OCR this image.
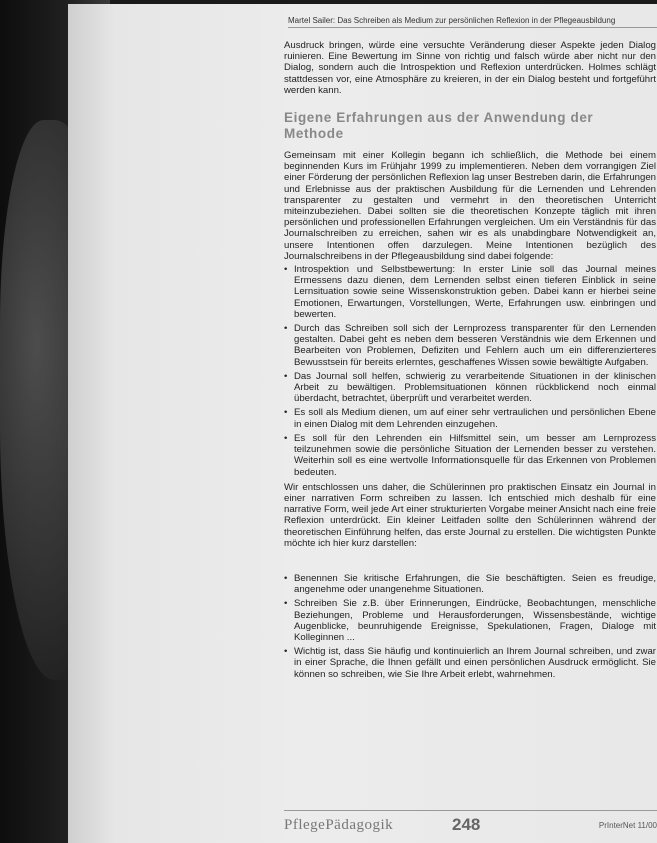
Martel Sailer: Das Schreiben als Medium zur persönlichen Reflexion in der Pflegeausbildung

Ausdruck bringen, würde eine versuchte Veränderung dieser Aspekte jeden Dialog ruinieren. Eine Bewertung im Sinne von richtig und falsch würde aber nicht nur den Dialog, sondern auch die Introspektion und Reflexion unterdrücken. Holmes schlägt stattdessen vor, eine Atmosphäre zu kreieren, in der ein Dialog besteht und fortgeführt werden kann.

Eigene Erfahrungen aus der Anwendung der Methode

Gemeinsam mit einer Kollegin begann ich schließlich, die Methode bei einem beginnenden Kurs im Frühjahr 1999 zu implementieren. Neben dem vorrangigen Ziel einer Förderung der persönlichen Reflexion lag unser Bestreben darin, die Erfahrungen und Erlebnisse aus der praktischen Ausbildung für die Lernenden und Lehrenden transparenter zu gestalten und vermehrt in den theoretischen Unterricht miteinzubeziehen. Dabei sollten sie die theoretischen Konzepte täglich mit ihren persönlichen und professionellen Erfahrungen vergleichen. Um ein Verständnis für das Journalschreiben zu erreichen, sahen wir es als unabdingbare Notwendigkeit an, unsere Intentionen offen darzulegen. Meine Intentionen bezüglich des Journalschreibens in der Pflegeausbildung sind dabei folgende:

• Introspektion und Selbstbewertung: In erster Linie soll das Journal meines Ermessens dazu dienen, dem Lernenden selbst einen tieferen Einblick in seine Lernsituation sowie seine Wissenskonstruktion geben. Dabei kann er hierbei seine Emotionen, Erwartungen, Vorstellungen, Werte, Erfahrungen usw. einbringen und bewerten.
• Durch das Schreiben soll sich der Lernprozess transparenter für den Lernenden gestalten. Dabei geht es neben dem besseren Verständnis wie dem Erkennen und Bearbeiten von Problemen, Defiziten und Fehlern auch um ein differenzierteres Bewusstsein für bereits erlerntes, geschaffenes Wissen sowie bewältigte Aufgaben.
• Das Journal soll helfen, schwierig zu verarbeitende Situationen in der klinischen Arbeit zu bewältigen. Problemsituationen können rückblickend noch einmal überdacht, betrachtet, überprüft und verarbeitet werden.
• Es soll als Medium dienen, um auf einer sehr vertraulichen und persönlichen Ebene in einen Dialog mit dem Lehrenden einzugehen.
• Es soll für den Lehrenden ein Hilfsmittel sein, um besser am Lernprozess teilzunehmen sowie die persönliche Situation der Lernenden besser zu verstehen. Weiterhin soll es eine wertvolle Informationsquelle für das Erkennen von Problemen bedeuten.

Wir entschlossen uns daher, die Schülerinnen pro praktischen Einsatz ein Journal in einer narrativen Form schreiben zu lassen. Ich entschied mich deshalb für eine narrative Form, weil jede Art einer strukturierten Vorgabe meiner Ansicht nach eine freie Reflexion unterdrückt. Ein kleiner Leitfaden sollte den Schülerinnen während der theoretischen Einführung helfen, das erste Journal zu erstellen. Die wichtigsten Punkte möchte ich hier kurz darstellen:

• Benennen Sie kritische Erfahrungen, die Sie beschäftigten. Seien es freudige, angenehme oder unangenehme Situationen.
• Schreiben Sie z.B. über Erinnerungen, Eindrücke, Beobachtungen, menschliche Beziehungen, Probleme und Herausforderungen, Wissensbestände, wichtige Augenblicke, beunruhigende Ereignisse, Spekulationen, Fragen, Dialoge mit Kolleginnen ...
• Wichtig ist, dass Sie häufig und kontinuierlich an Ihrem Journal schreiben, und zwar in einer Sprache, die Ihnen gefällt und einen persönlichen Ausdruck ermöglicht. Sie können so schreiben, wie Sie Ihre Arbeit erlebt, wahrnehmen.
PflegePädagogik	248	PrInterNet 11/00
